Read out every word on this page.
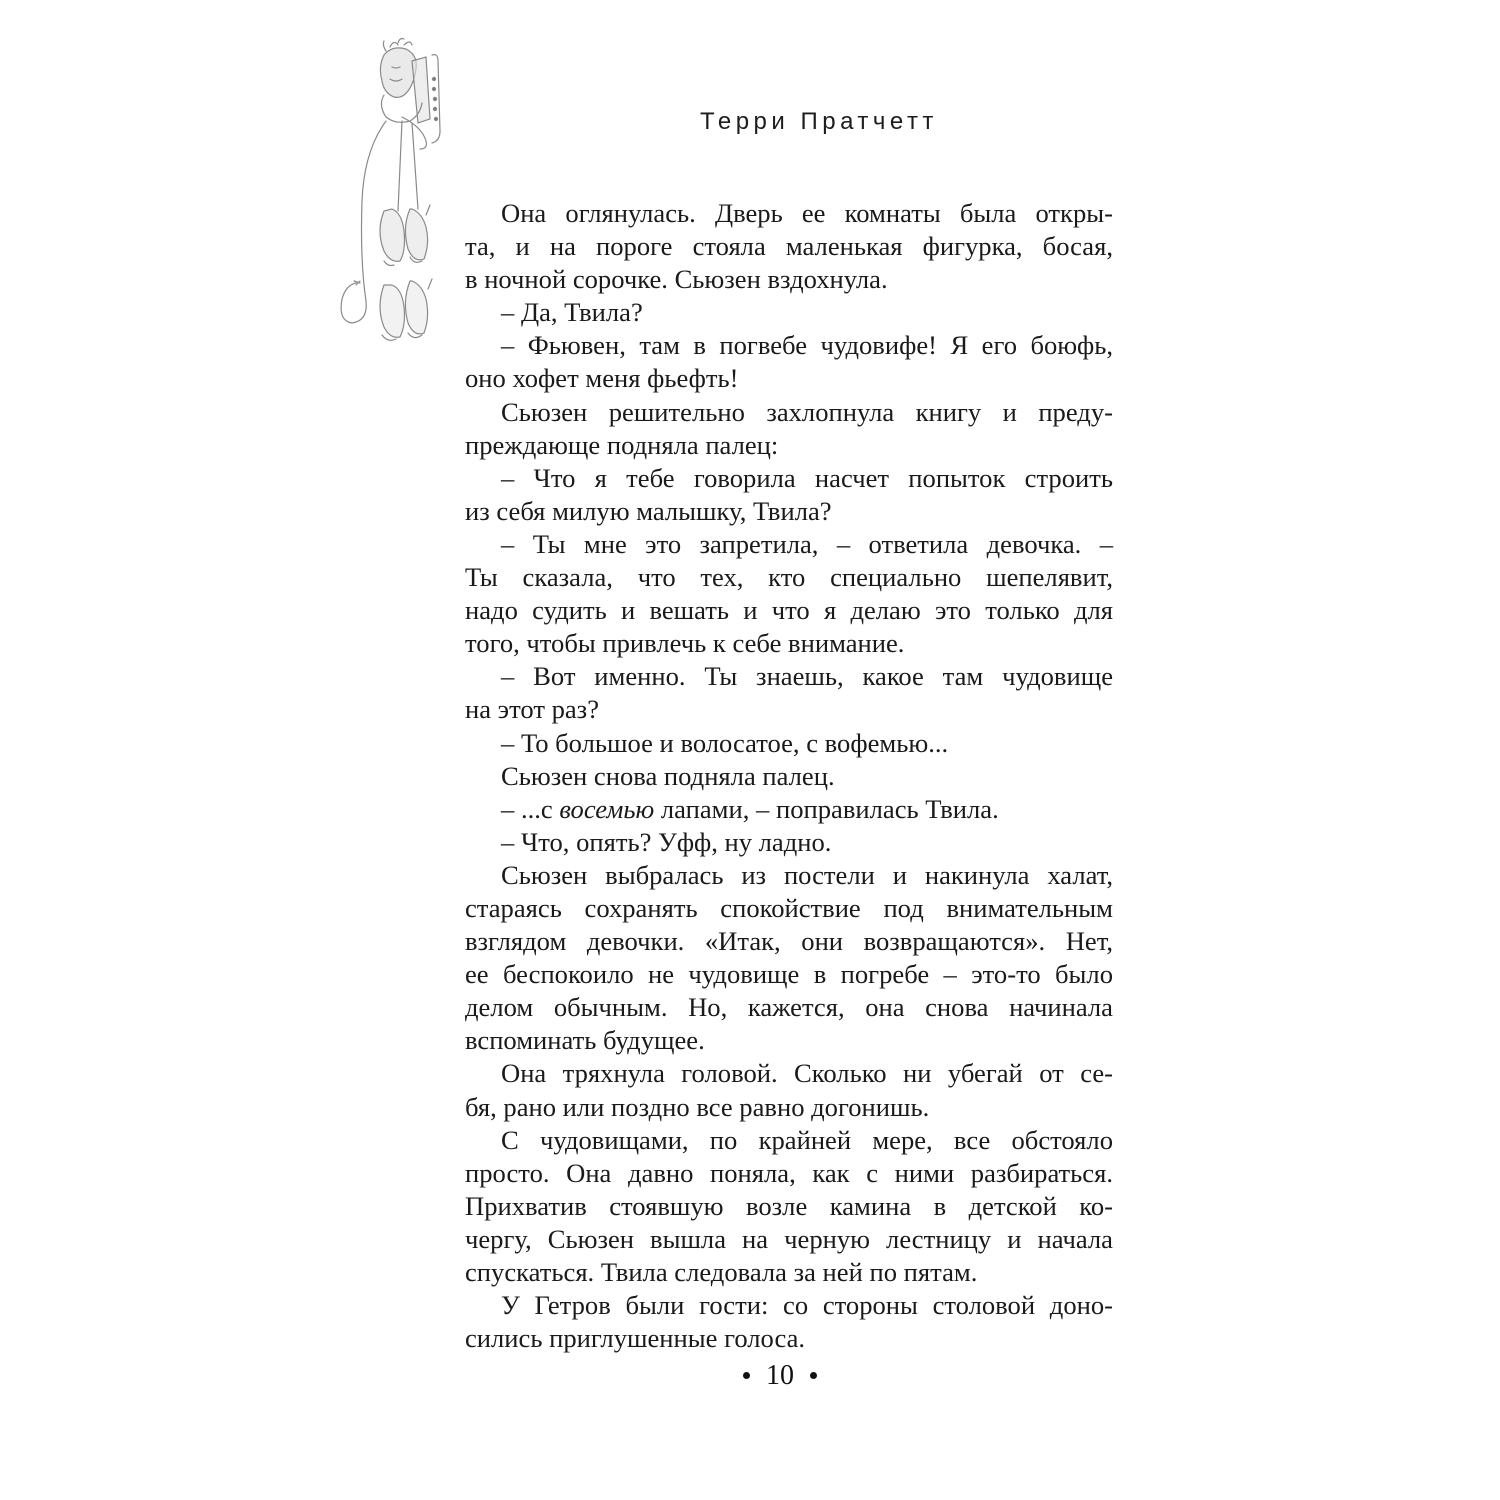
Терри Пратчетт
Она оглянулась. Дверь ее комнаты была откры-
та, и на пороге стояла маленькая фигурка, босая,
в ночной сорочке. Сьюзен вздохнула.
– Да, Твила?
– Фьювен, там в погвебе чудовифе! Я его боюфь,
оно хофет меня фьефть!
Сьюзен решительно захлопнула книгу и преду-
преждающе подняла палец:
– Что я тебе говорила насчет попыток строить
из себя милую малышку, Твила?
– Ты мне это запретила, – ответила девочка. –
Ты сказала, что тех, кто специально шепелявит,
надо судить и вешать и что я делаю это только для
того, чтобы привлечь к себе внимание.
– Вот именно. Ты знаешь, какое там чудовище
на этот раз?
– То большое и волосатое, с вофемью...
Сьюзен снова подняла палец.
– ...с восемью лапами, – поправилась Твила.
– Что, опять? Уфф, ну ладно.
Сьюзен выбралась из постели и накинула халат,
стараясь сохранять спокойствие под внимательным
взглядом девочки. «Итак, они возвращаются». Нет,
ее беспокоило не чудовище в погребе – это-то было
делом обычным. Но, кажется, она снова начинала
вспоминать будущее.
Она тряхнула головой. Сколько ни убегай от се-
бя, рано или поздно все равно догонишь.
С чудовищами, по крайней мере, все обстояло
просто. Она давно поняла, как с ними разбираться.
Прихватив стоявшую возле камина в детской ко-
чергу, Сьюзен вышла на черную лестницу и начала
спускаться. Твила следовала за ней по пятам.
У Гетров были гости: со стороны столовой доно-
сились приглушенные голоса.
10
